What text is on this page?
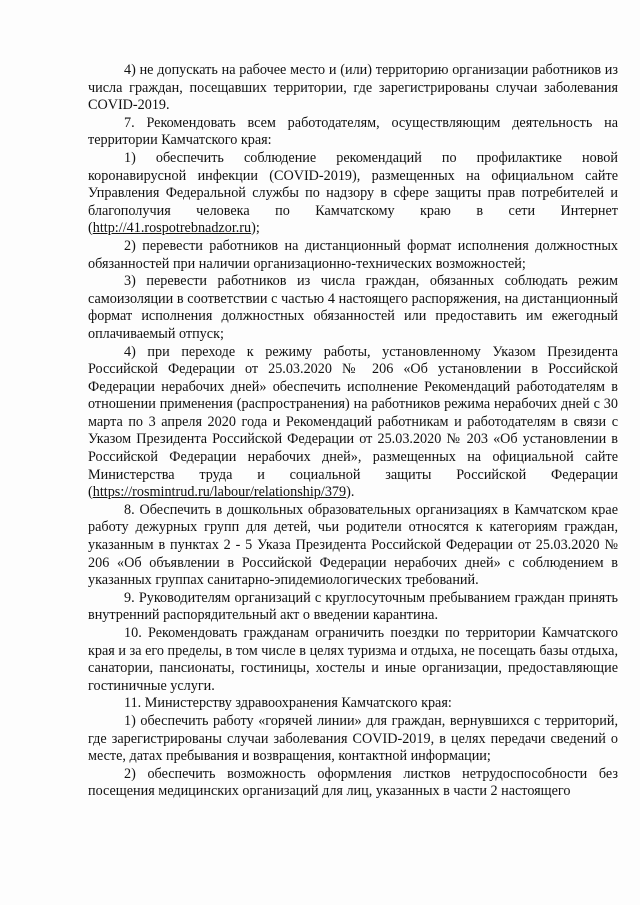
4) не допускать на рабочее место и (или) территорию организации работников из числа граждан, посещавших территории, где зарегистрированы случаи заболевания COVID-2019.

7. Рекомендовать всем работодателям, осуществляющим деятельность на территории Камчатского края:

1) обеспечить соблюдение рекомендаций по профилактике новой коронавирусной инфекции (COVID-2019), размещенных на официальном сайте Управления Федеральной службы по надзору в сфере защиты прав потребителей и благополучия человека по Камчатскому краю в сети Интернет (http://41.rospotrebnadzor.ru);

2) перевести работников на дистанционный формат исполнения должностных обязанностей при наличии организационно-технических возможностей;

3) перевести работников из числа граждан, обязанных соблюдать режим самоизоляции в соответствии с частью 4 настоящего распоряжения, на дистанционный формат исполнения должностных обязанностей или предоставить им ежегодный оплачиваемый отпуск;

4) при переходе к режиму работы, установленному Указом Президента Российской Федерации от 25.03.2020 № 206 «Об установлении в Российской Федерации нерабочих дней» обеспечить исполнение Рекомендаций работодателям в отношении применения (распространения) на работников режима нерабочих дней с 30 марта по 3 апреля 2020 года и Рекомендаций работникам и работодателям в связи с Указом Президента Российской Федерации от 25.03.2020 № 203 «Об установлении в Российской Федерации нерабочих дней», размещенных на официальной сайте Министерства труда и социальной защиты Российской Федерации (https://rosmintrud.ru/labour/relationship/379).

8. Обеспечить в дошкольных образовательных организациях в Камчатском крае работу дежурных групп для детей, чьи родители относятся к категориям граждан, указанным в пунктах 2 - 5 Указа Президента Российской Федерации от 25.03.2020 № 206 «Об объявлении в Российской Федерации нерабочих дней» с соблюдением в указанных группах санитарно-эпидемиологических требований.

9. Руководителям организаций с круглосуточным пребыванием граждан принять внутренний распорядительный акт о введении карантина.

10. Рекомендовать гражданам ограничить поездки по территории Камчатского края и за его пределы, в том числе в целях туризма и отдыха, не посещать базы отдыха, санатории, пансионаты, гостиницы, хостелы и иные организации, предоставляющие гостиничные услуги.

11. Министерству здравоохранения Камчатского края:

1) обеспечить работу «горячей линии» для граждан, вернувшихся с территорий, где зарегистрированы случаи заболевания COVID-2019, в целях передачи сведений о месте, датах пребывания и возвращения, контактной информации;

2) обеспечить возможность оформления листков нетрудоспособности без посещения медицинских организаций для лиц, указанных в части 2 настоящего
